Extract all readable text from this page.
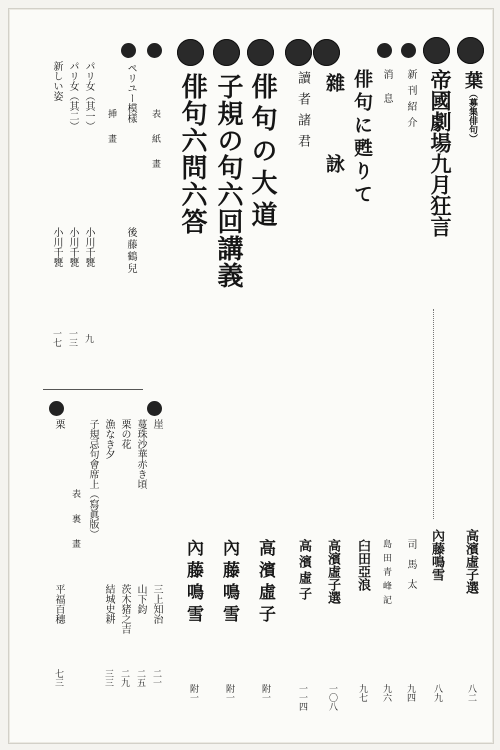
葉（募集俳句）
高濱虛子選
八二
帝國劇場九月狂言
內藤鳴雪
八九
新刊紹介
司馬太
九四
消息
島田青峰記
九六
俳句に甦りて
臼田亞浪
九七
雜詠
高濱虛子選
一〇八
讀者諸君
高濱虛子
一一四
俳句の大道
高濱虛子
附一
子規の句六回講義
內藤鳴雪
附一
俳句六問六答
內藤鳴雪
附一
表紙畫
ペリユー模樣
後藤鶴兒
挿畫
パリ女（其一）
小川千甕
九
パリ女（其二）
小川千甕
一三
新しい姿
小川千甕
一七
崖
三上知治
二一
蔓珠沙華赤き頃
山下鈞
二五
栗の花
茨木猪之吉
二九
漁なき夕
結城史耕
三三
子規忌句會席上（寫眞版）
表裏畫
栗
平福百穗
七三
